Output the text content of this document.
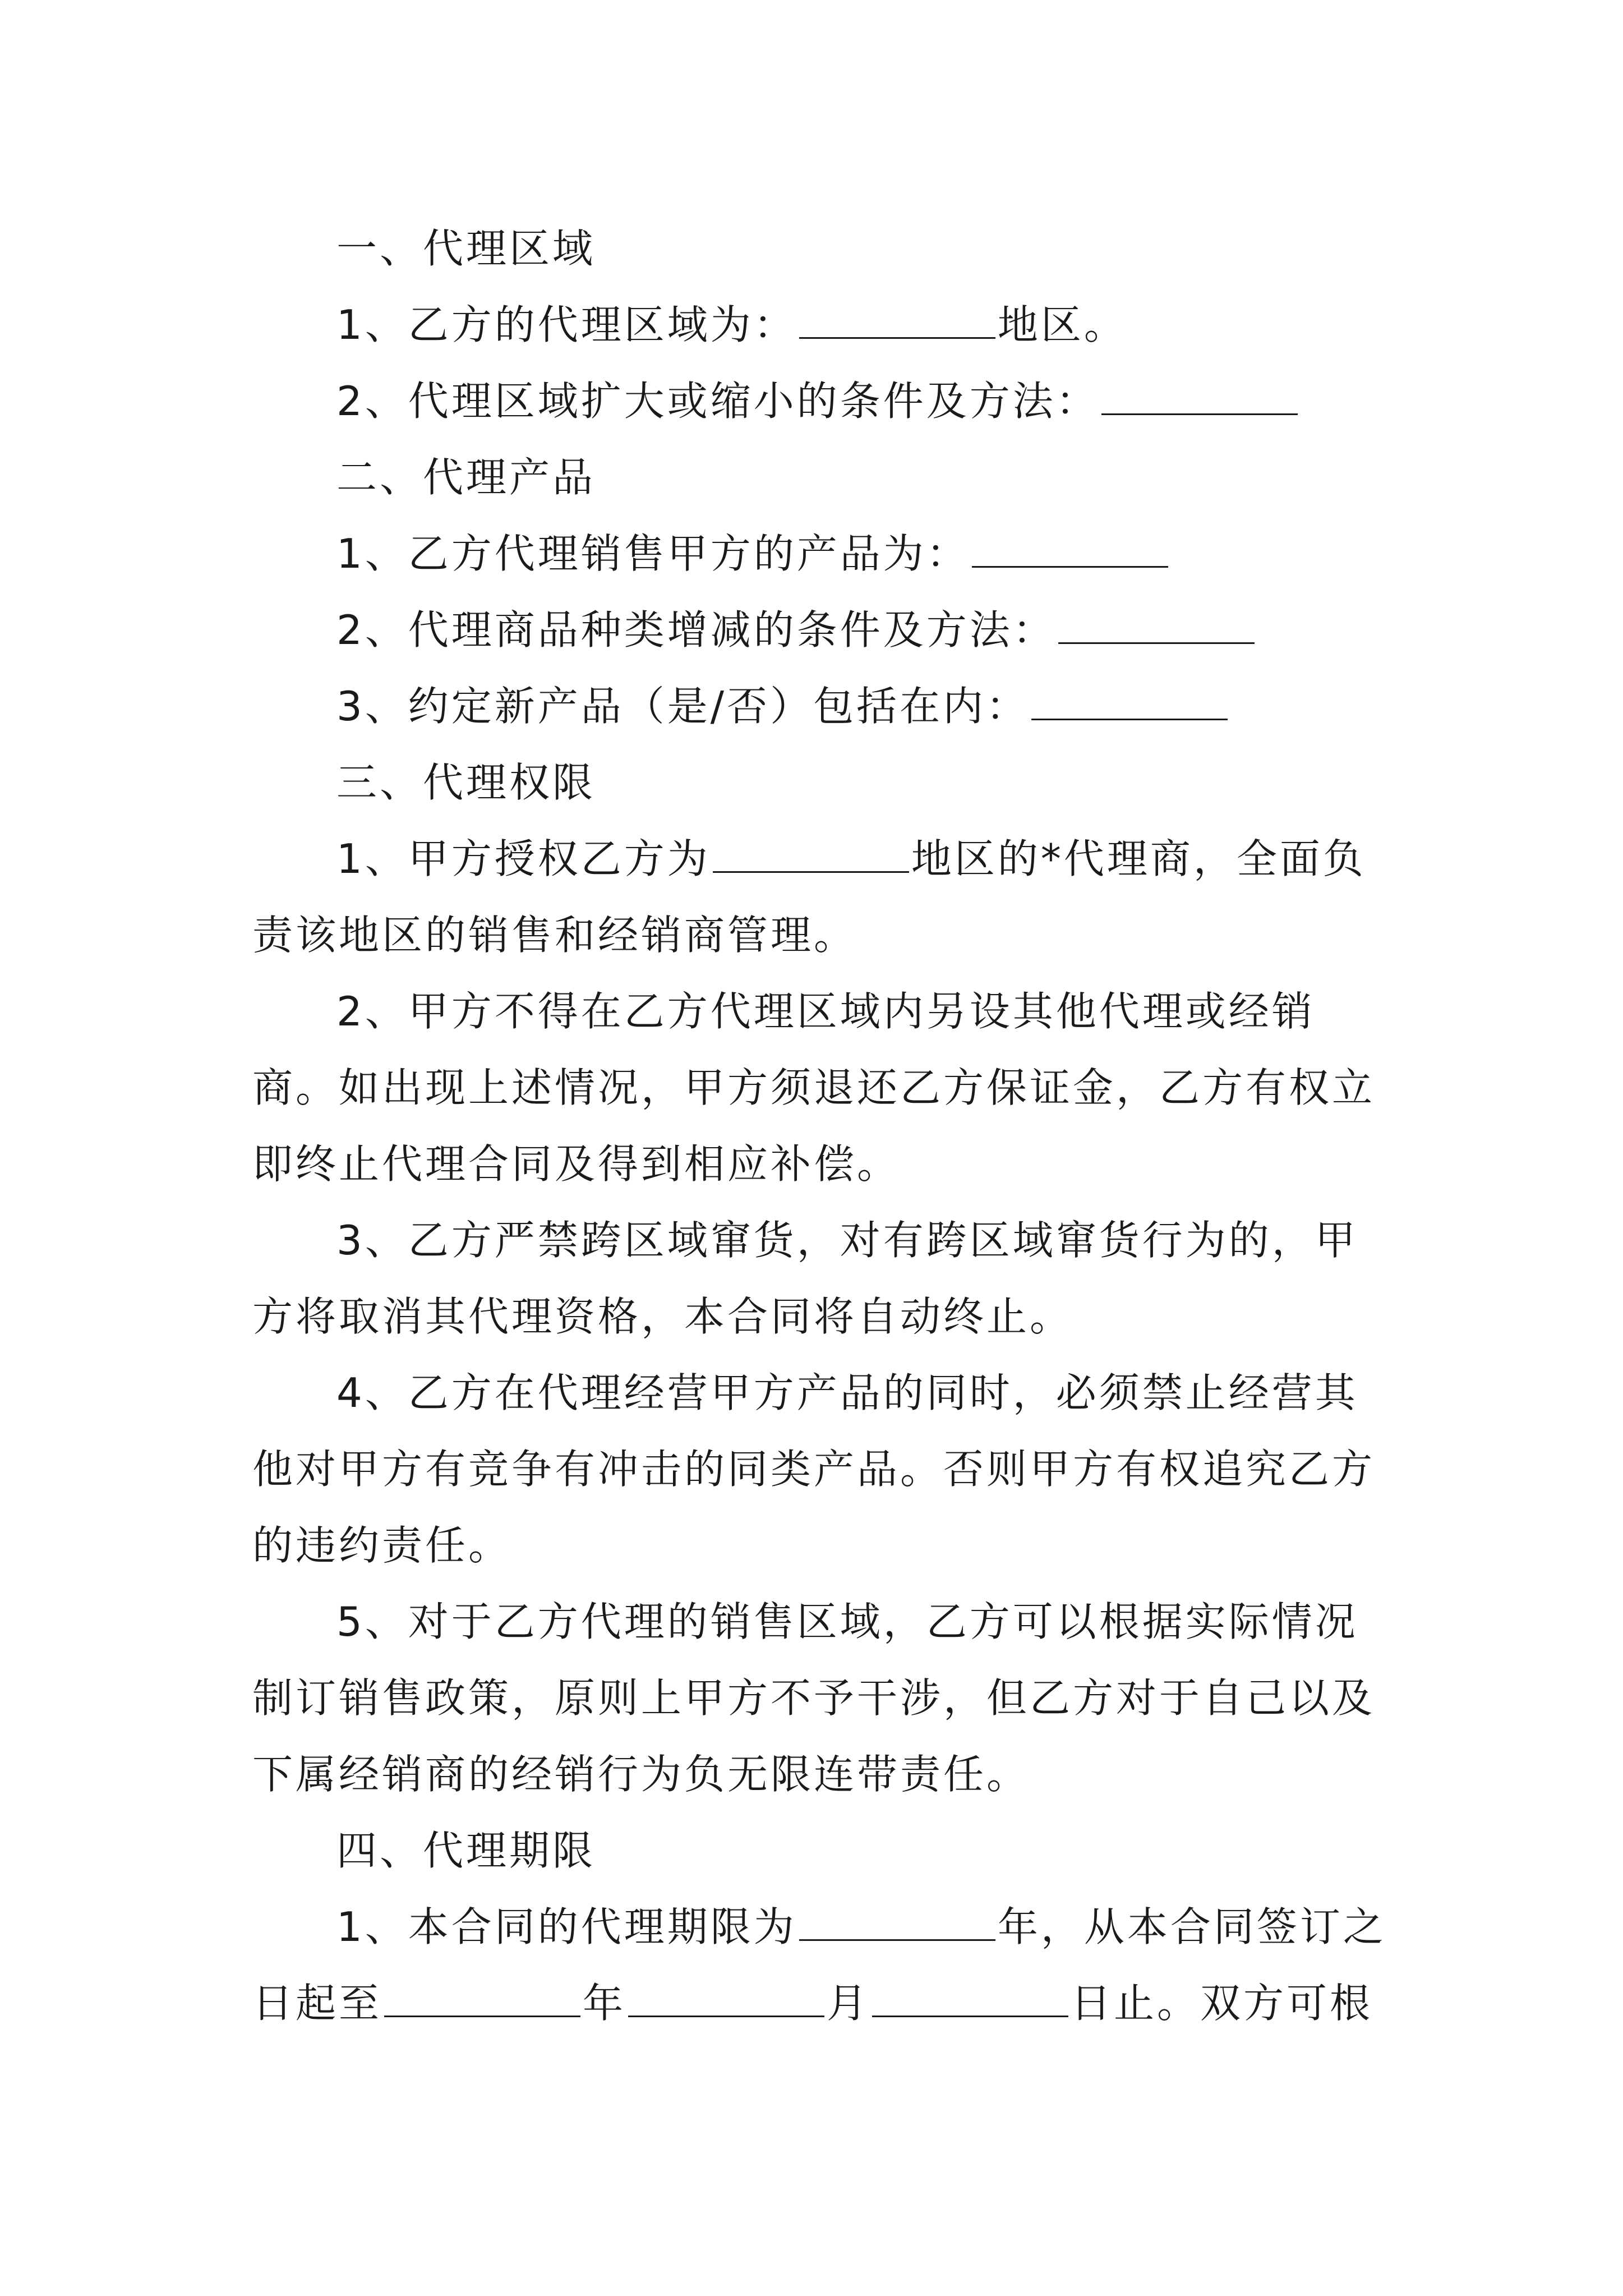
一、代理区域

1、乙方的代理区域为：	地区。

2、代理区域扩大或缩小的条件及方法：

二、代理产品

1、乙方代理销售甲方的产品为：

2、代理商品种类增减的条件及方法：

3、约定新产品（是/否）包括在内：

三、代理权限

1、甲方授权乙方为	地区的*代理商，全面负责该地区的销售和经销商管理。

2、甲方不得在乙方代理区域内另设其他代理或经销商。如出现上述情况，甲方须退还乙方保证金，乙方有权立即终止代理合同及得到相应补偿。

3、乙方严禁跨区域窜货，对有跨区域窜货行为的，甲方将取消其代理资格，本合同将自动终止。

4、乙方在代理经营甲方产品的同时，必须禁止经营其他对甲方有竞争有冲击的同类产品。否则甲方有权追究乙方的违约责任。

5、对于乙方代理的销售区域，乙方可以根据实际情况制订销售政策，原则上甲方不予干涉，但乙方对于自己以及下属经销商的经销行为负无限连带责任。

四、代理期限

1、本合同的代理期限为	年，从本合同签订之日起至	年	月	日止。双方可根
